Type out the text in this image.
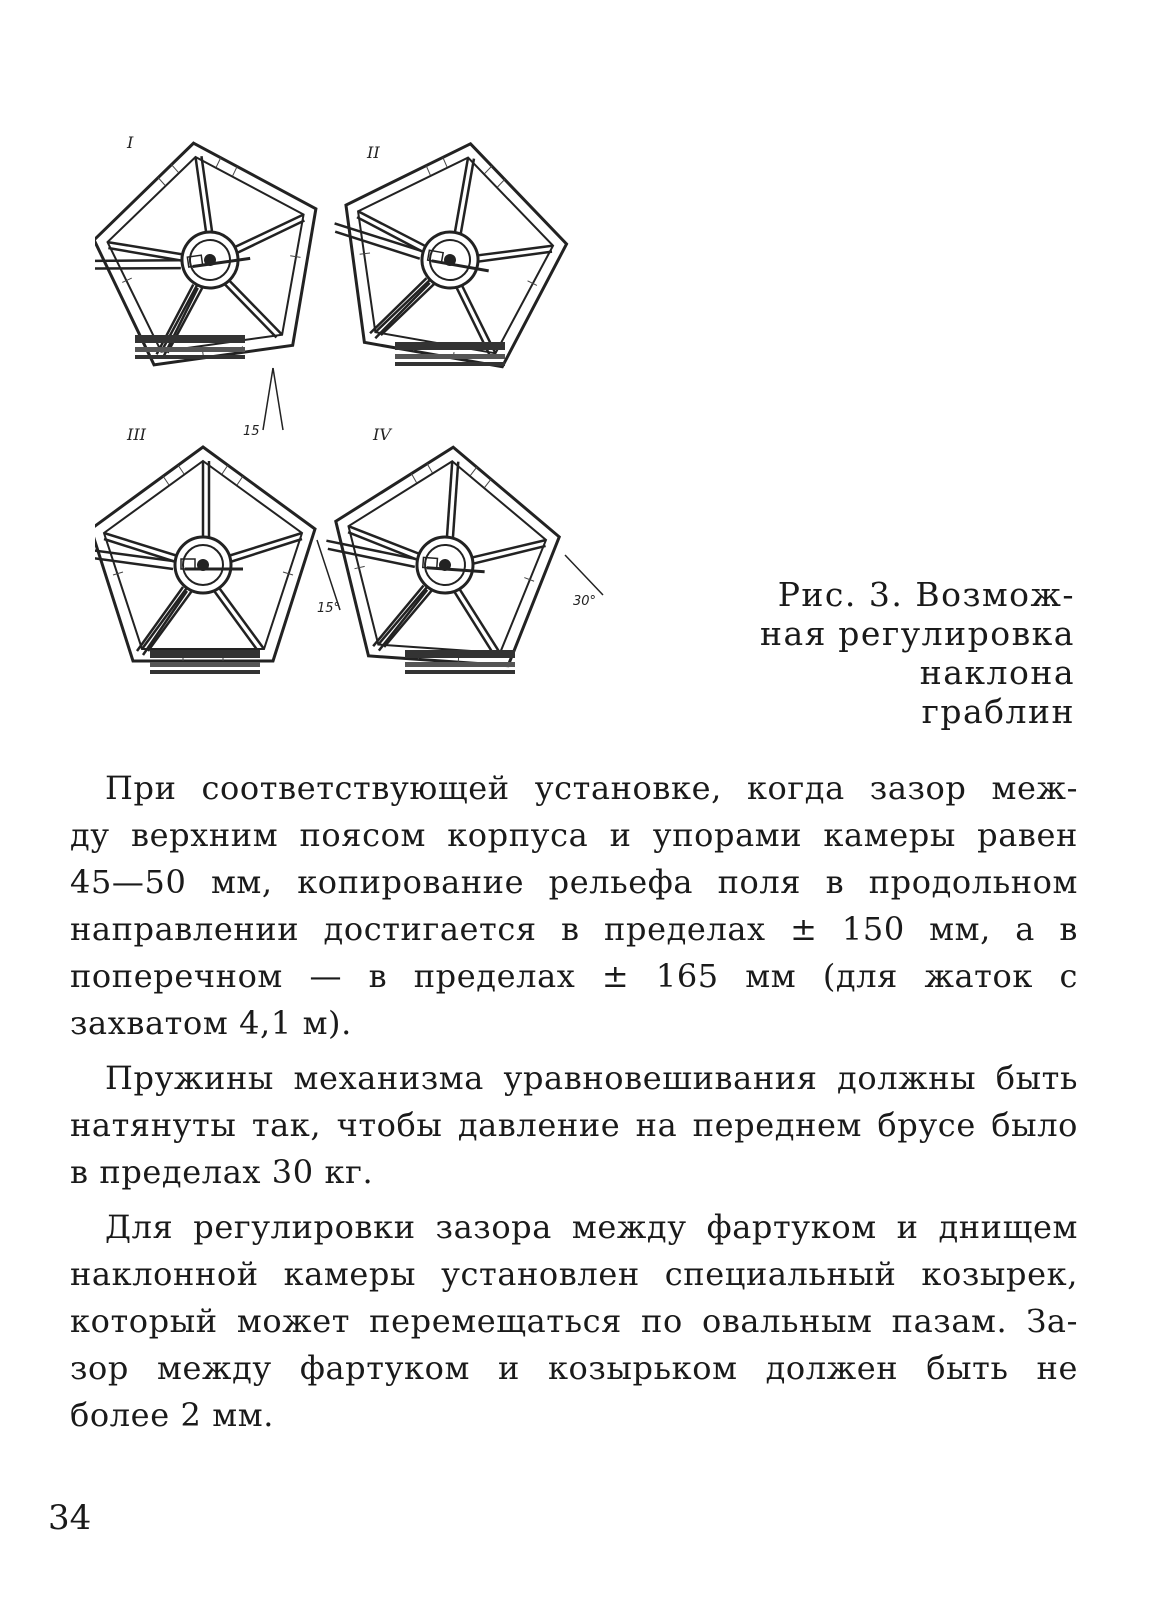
I
15
II
III
15°
IV
30°	Рис. 3. Возмож-
ная регулировка
наклона граблин

При соответствующей установке, когда зазор меж-
ду верхним поясом корпуса и упорами камеры равен
45—50 мм, копирование рельефа поля в продольном
направлении достигается в пределах ± 150 мм, а в
поперечном — в пределах ± 165 мм (для жаток с
захватом 4,1 м).

Пружины механизма уравновешивания должны быть
натянуты так, чтобы давление на переднем брусе было
в пределах 30 кг.

Для регулировки зазора между фартуком и днищем
наклонной камеры установлен специальный козырек,
который может перемещаться по овальным пазам. За-
зор между фартуком и козырьком должен быть не
более 2 мм.

34
